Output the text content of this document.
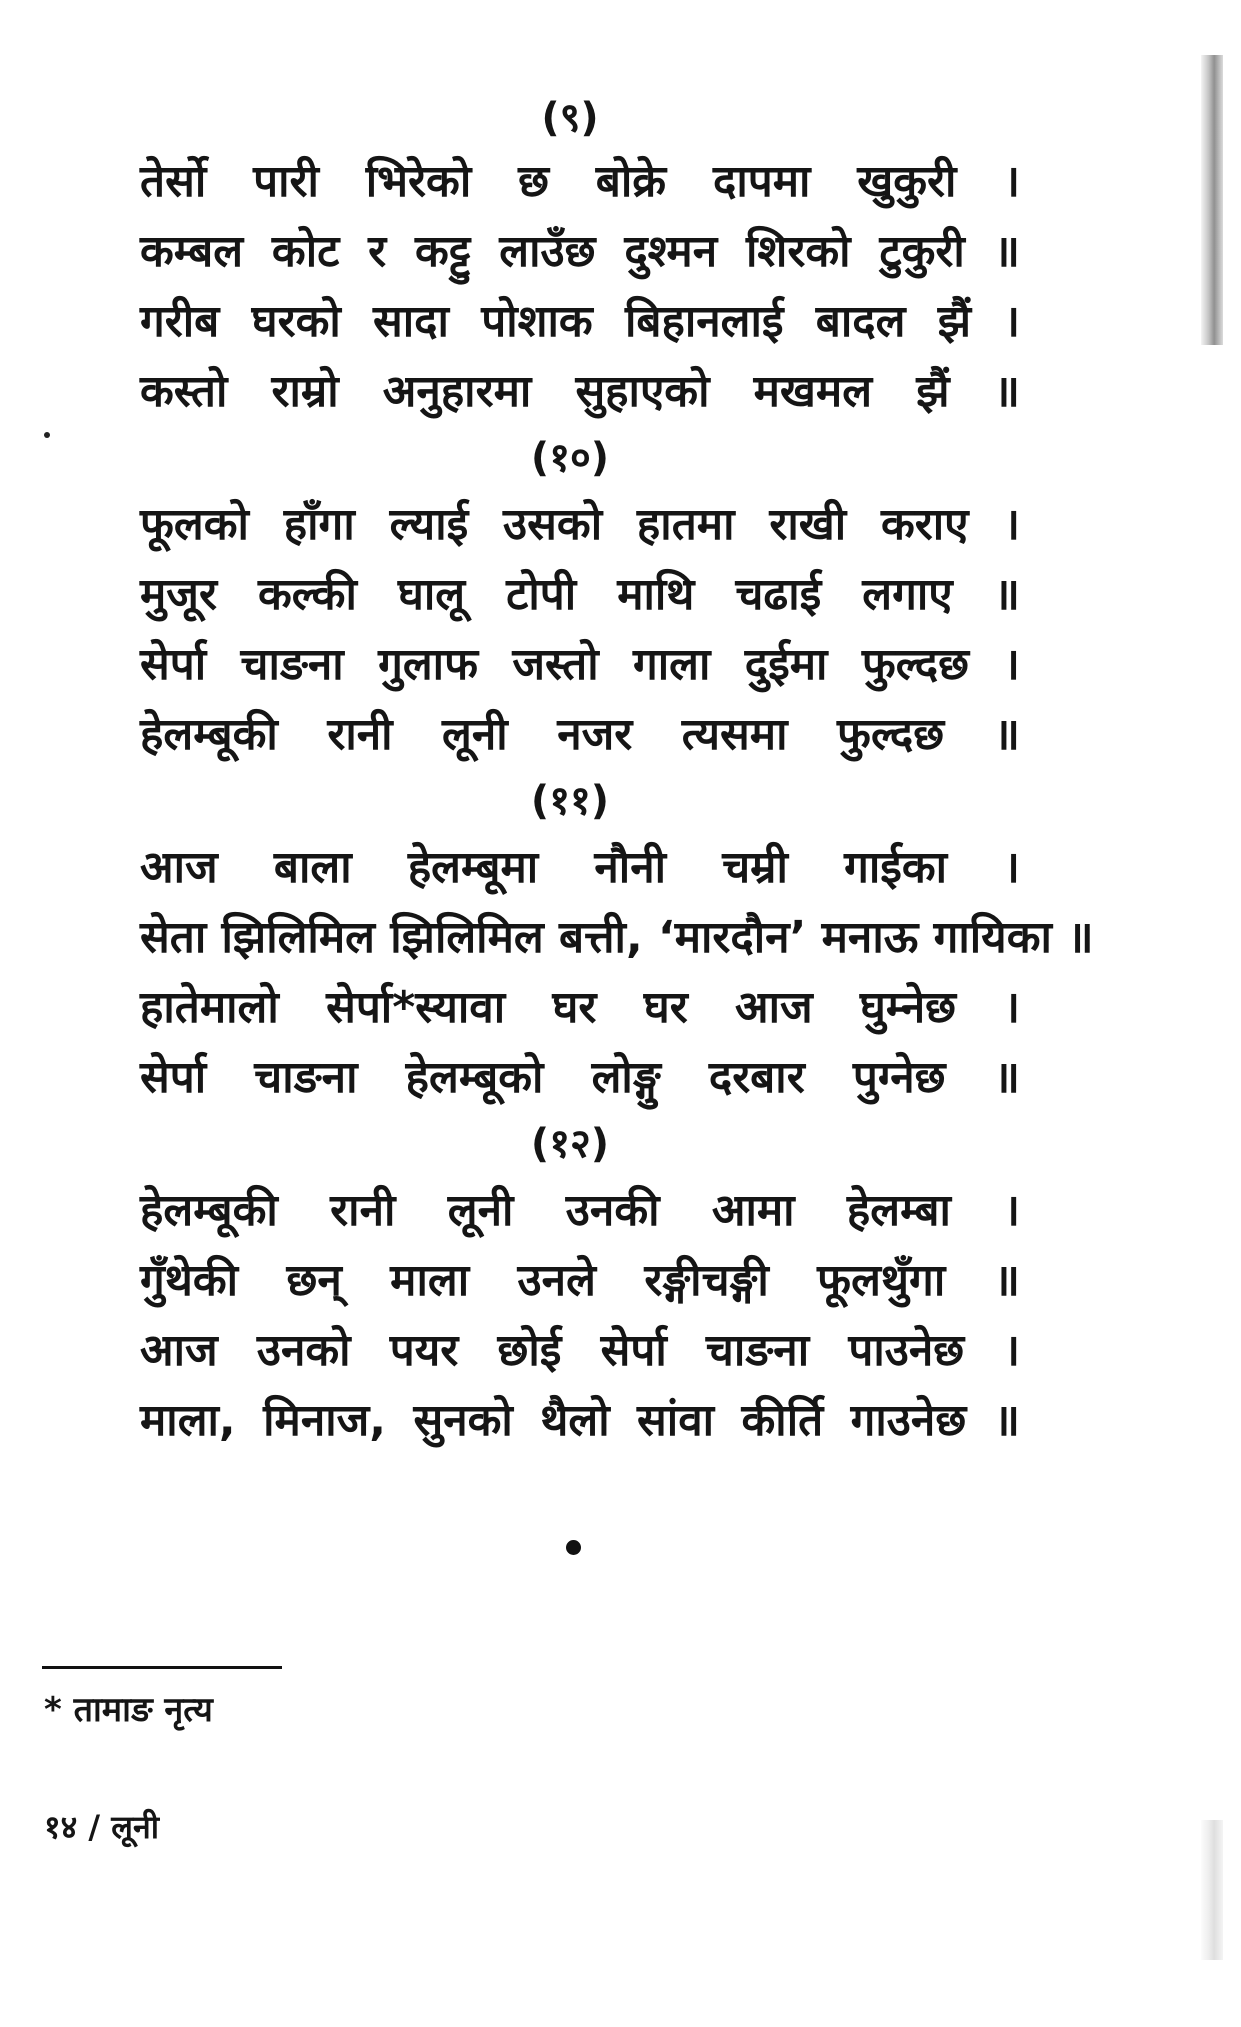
(९)
तेर्सो पारी भिरेको छ बोक्रे दापमा खुकुरी ।
कम्बल कोट र कट्टु लाउँछ दुश्मन शिरको टुकुरी ॥
गरीब घरको सादा पोशाक बिहानलाई बादल झैं ।
कस्तो राम्रो अनुहारमा सुहाएको मखमल झैं ॥
(१०)
फूलको हाँगा ल्याई उसको हातमा राखी कराए ।
मुजूर कल्की घालू टोपी माथि चढाई लगाए ॥
सेर्पा चाङना गुलाफ जस्तो गाला दुईमा फुल्दछ ।
हेलम्बूकी रानी लूनी नजर त्यसमा फुल्दछ ॥
(११)
आज बाला हेलम्बूमा नौनी चम्री गाईका ।
सेता झिलिमिल झिलिमिल बत्ती, ‘मारदौन’ मनाऊ गायिका ॥
हातेमालो सेर्पा*स्यावा घर घर आज घुम्नेछ ।
सेर्पा चाङना हेलम्बूको लोङ्गु दरबार पुग्नेछ ॥
(१२)
हेलम्बूकी रानी लूनी उनकी आमा हेलम्बा ।
गुँथेकी छन् माला उनले रङ्गीचङ्गी फूलथुँगा ॥
आज उनको पयर छोई सेर्पा चाङना पाउनेछ ।
माला, मिनाज, सुनको थैलो सांवा कीर्ति गाउनेछ ॥
* तामाङ नृत्य
१४ / लूनी
